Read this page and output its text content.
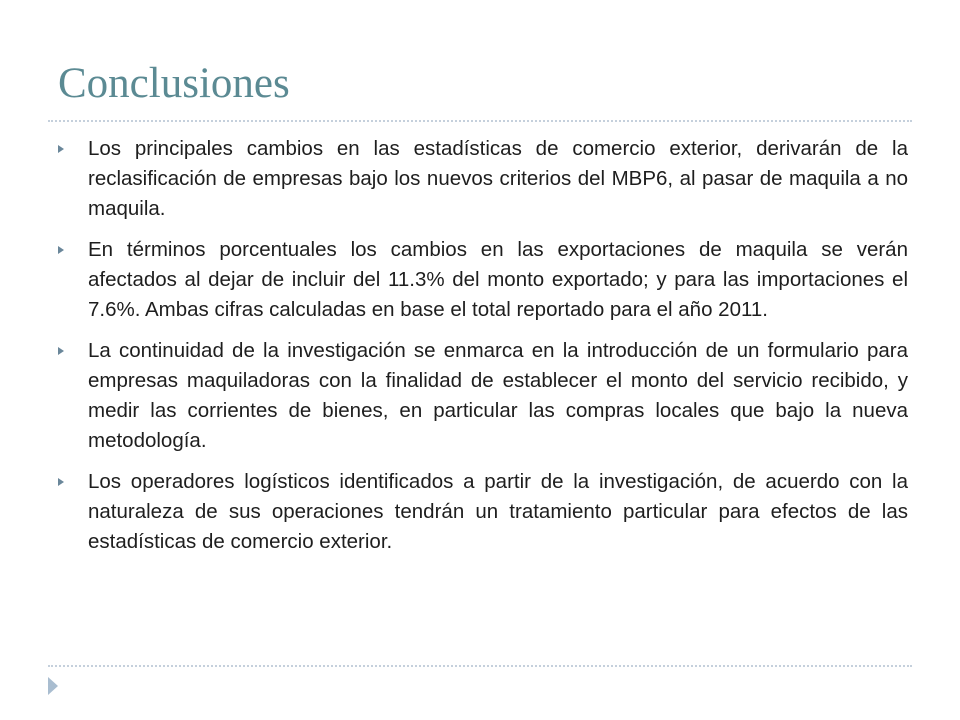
Conclusiones
Los principales cambios en las estadísticas de comercio exterior, derivarán de la reclasificación de empresas bajo los nuevos criterios del MBP6, al pasar de maquila a no maquila.
En términos porcentuales los cambios en las exportaciones de maquila se verán afectados al dejar de incluir del 11.3% del monto exportado; y para las importaciones el 7.6%. Ambas cifras calculadas en base el total reportado para el año 2011.
La continuidad de la investigación se enmarca en la introducción de un formulario para empresas maquiladoras con la finalidad de establecer el monto del servicio recibido, y medir las corrientes de bienes, en particular las compras locales que bajo la nueva metodología.
Los operadores logísticos identificados a partir de la investigación, de acuerdo con la naturaleza de sus operaciones tendrán un tratamiento particular para efectos de las estadísticas de comercio exterior.
